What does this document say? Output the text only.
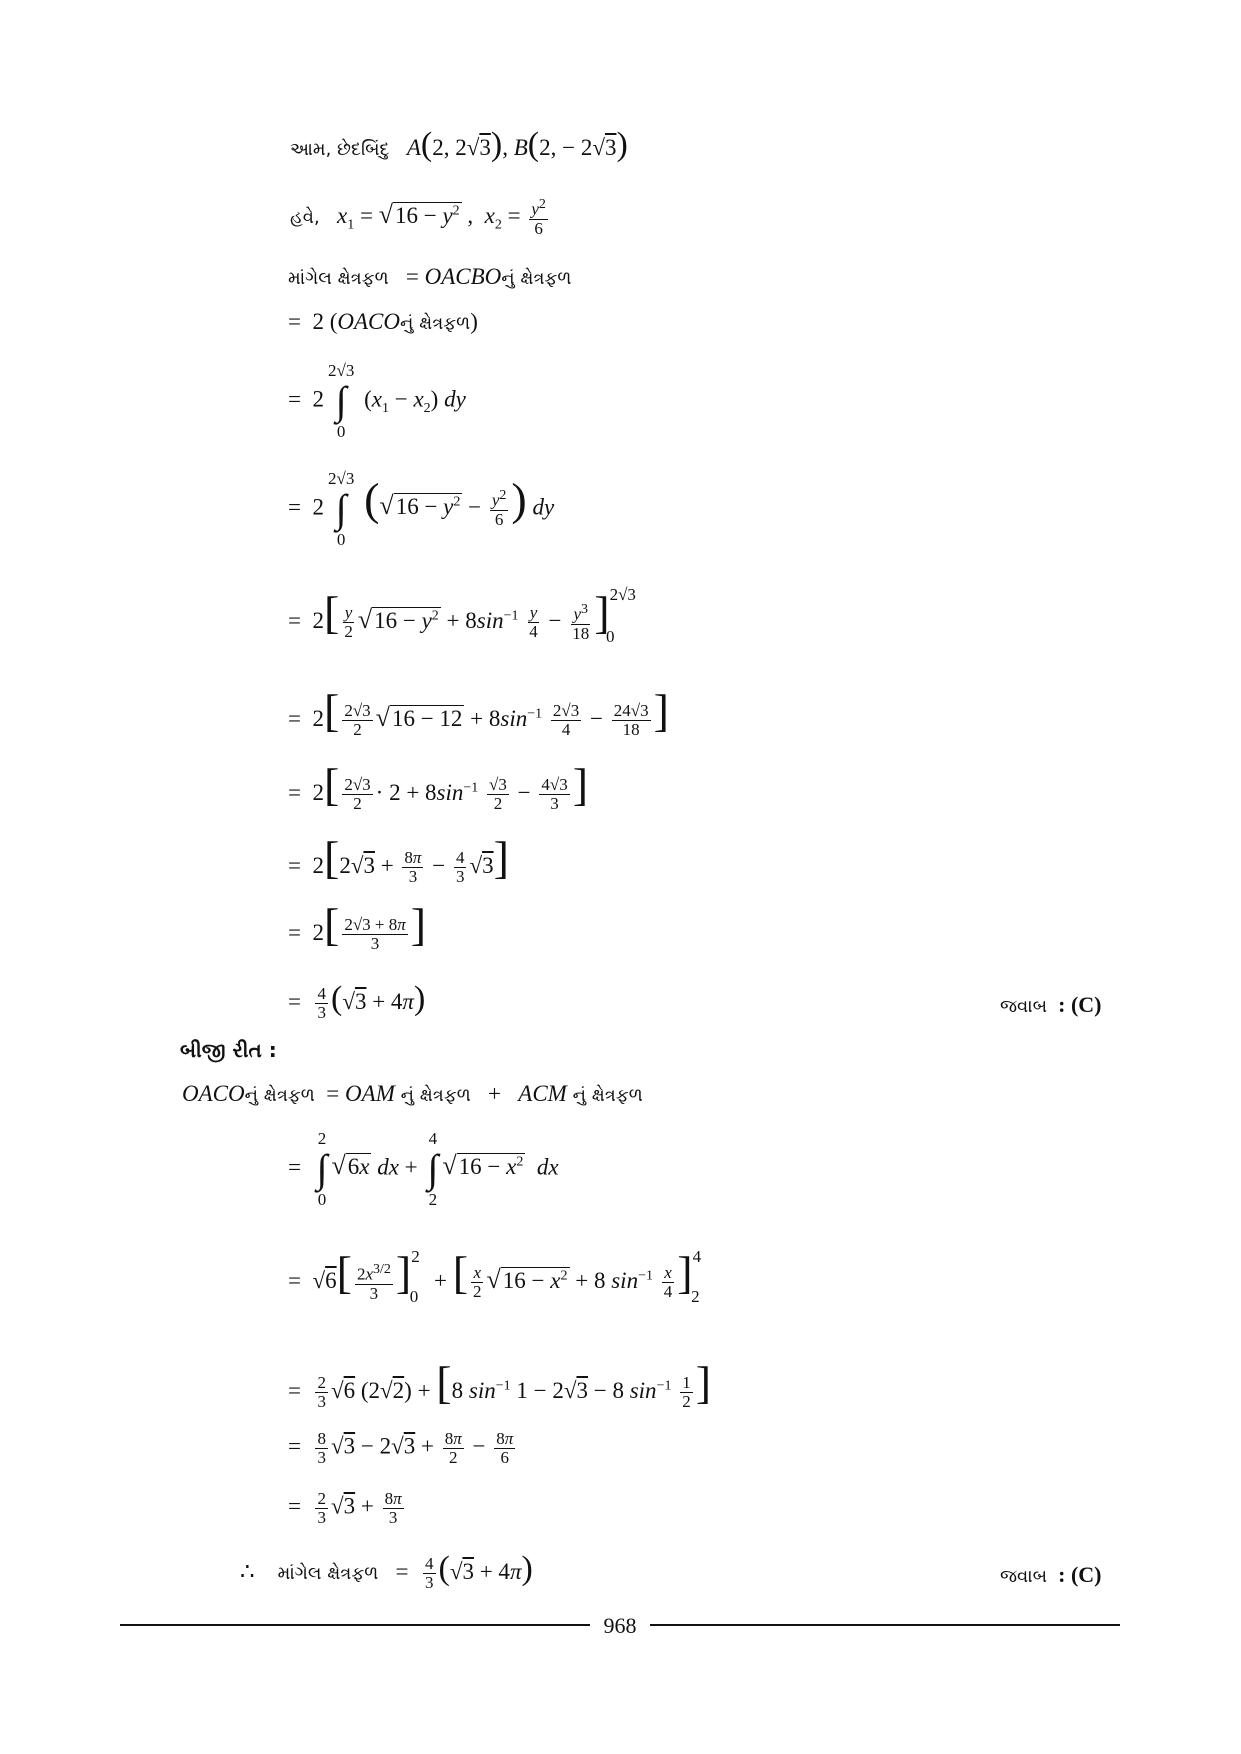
આમ, છેદબિંદુ A(2, 2√3), B(2, − 2√3)
હવે, $x_1 = √16 - y^2$ ,  $x_2 = \frac{y^2}{6}$
માંગેલ ક્ષેત્રફળ   = OACBOનું ક્ષેત્રફળ
=  2 (OACOનું ક્ષેત્રફળ)
=  2
2√3
∫
0
$(x_1 - x_2)$ dy
=  2
2√3
∫
0
($√16 - y^2 - \frac{y^2}{6}$ ) dy
=  $2[ \frac{y}{2} √16 - y^2 + 8\sin^{-1} \frac{y}{4} - \frac{y^3}{18} ]^{2√3}_0$
=  $2[ \frac{2√3}{2} √16 - 12 + 8\sin^{-1} \frac{2√3}{4} - \frac{24√3}{18}$ ]
=  $2[ \frac{2√3}{2} \cdot 2 + 8\sin^{-1} \frac{√3}{2} - \frac{4√3}{3}$ ]
=  $2[2√3 + \frac{8\pi}{3} - \frac{4}{3} √3]$
=  $2[ \frac{2√3 + 8\pi}{3}$ ]
= $\frac{4}{3} (√3 + 4\pi)$	જવાબ : (C)
બીજી રીત :
OACOનું ક્ષેત્રફળ  = OAM નું ક્ષેત્રફળ   +   ACM નું ક્ષેત્રફળ
=
2
∫
0
√6x dx +
4
∫
2
$√16 - x^2$ dx
=  $√6[ \frac{2x^{3/2}}{3} ]^2_0$ + [ $\frac{x}{2} √16 - x^2 + 8$ $\sin^{-1} \frac{x}{4} ]^4_2$
= $\frac{2}{3} √6$ (2√2) + [8 $\sin^{-1} 1 - 2√3 - 8$ $\sin^{-1} \frac{1}{2}$ ]
= $\frac{8}{3} √3 - 2√3 + \frac{8\pi}{2} - \frac{8\pi}{6}$
= $\frac{2}{3} √3 + \frac{8\pi}{3}$
∴ માંગેલ ક્ષેત્રફળ   = $\frac{4}{3} (√3 + 4\pi)$	જવાબ : (C)
968
